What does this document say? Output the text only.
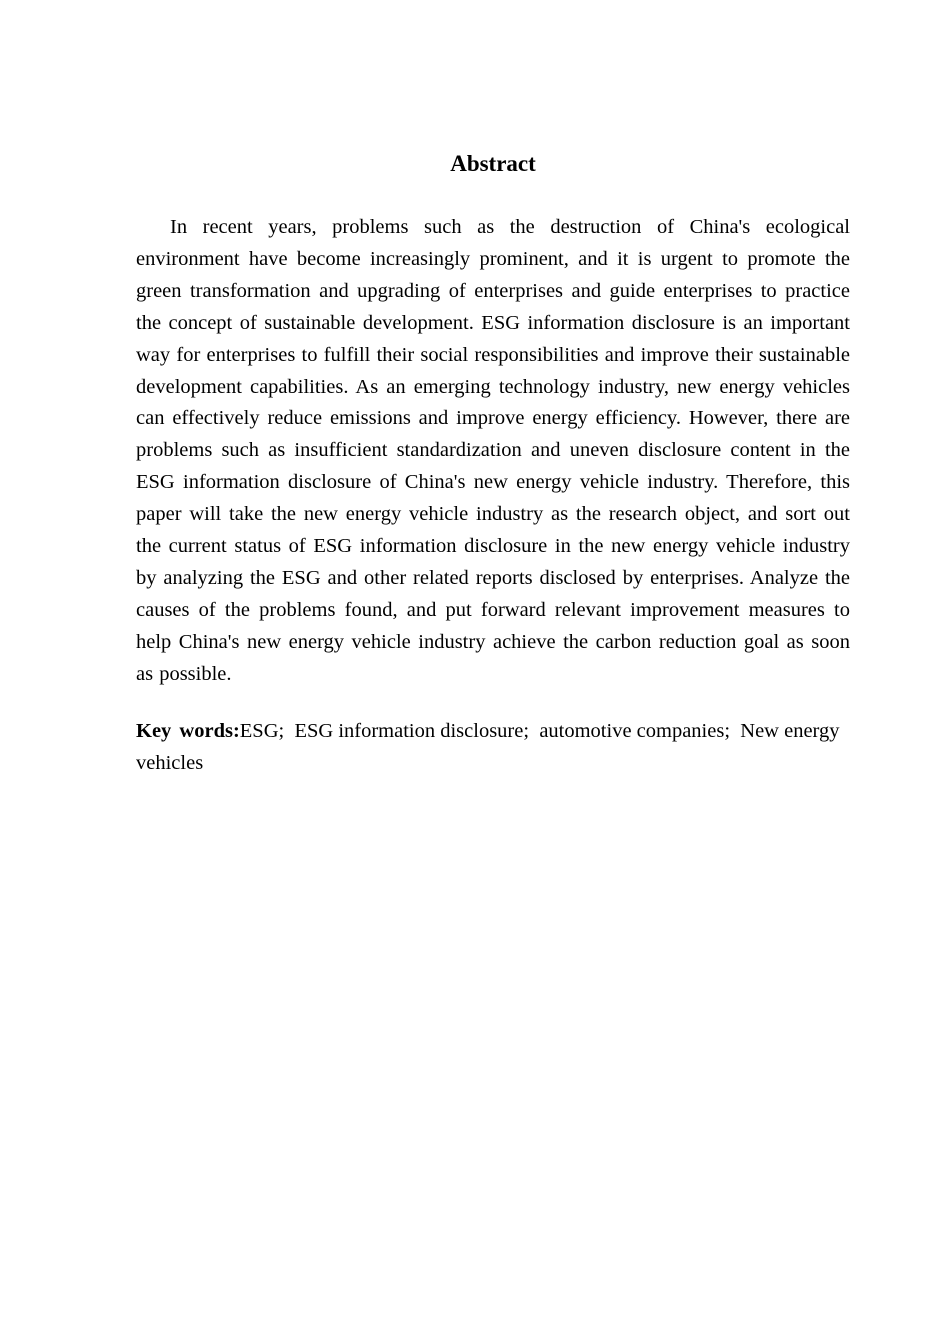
Abstract

In recent years, problems such as the destruction of China's ecological environment have become increasingly prominent, and it is urgent to promote the green transformation and upgrading of enterprises and guide enterprises to practice the concept of sustainable development. ESG information disclosure is an important way for enterprises to fulfill their social responsibilities and improve their sustainable development capabilities. As an emerging technology industry, new energy vehicles can effectively reduce emissions and improve energy efficiency. However, there are problems such as insufficient standardization and uneven disclosure content in the ESG information disclosure of China's new energy vehicle industry. Therefore, this paper will take the new energy vehicle industry as the research object, and sort out the current status of ESG information disclosure in the new energy vehicle industry by analyzing the ESG and other related reports disclosed by enterprises. Analyze the causes of the problems found, and put forward relevant improvement measures to help China's new energy vehicle industry achieve the carbon reduction goal as soon as possible.

Key words:ESG; ESG information disclosure; automotive companies; New energy vehicles
